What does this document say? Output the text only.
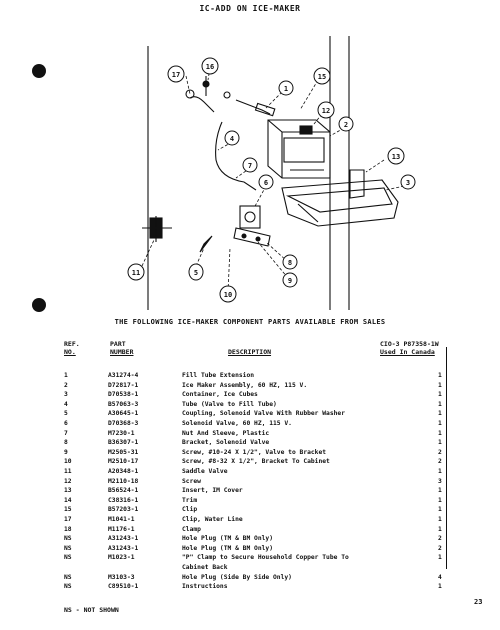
IC-ADD ON ICE-MAKER
1
2
3
4
5
6
7
8
9
10
11
12
13
15
16
17
THE FOLLOWING ICE-MAKER COMPONENT PARTS AVAILABLE FROM SALES
REF.
NO.
PART
NUMBER	DESCRIPTION
CIO-3 P87358-1W
Used In Canada
1	A31274-4	Fill Tube Extension	1
2	D72817-1	Ice Maker Assembly, 60 HZ, 115 V.	1
3	D70538-1	Container, Ice Cubes	1
4	B57063-3	Tube (Valve to Fill Tube)	1
5	A30645-1	Coupling, Solenoid Valve With Rubber Washer	1
6	D70368-3	Solenoid Valve, 60 HZ, 115 V.	1
7	M7230-1	Nut And Sleeve, Plastic	1
8	B36307-1	Bracket, Solenoid Valve	1
9	M2505-31	Screw, #10-24 X 1/2", Valve to Bracket	2
10	M2510-17	Screw, #8-32 X 1/2", Bracket To Cabinet	2
11	A20348-1	Saddle Valve	1
12	M2110-18	Screw	3
13	B56524-1	Insert, IM Cover	1
14	C38316-1	Trim	1
15	B57203-1	Clip	1
17	M1041-1	Clip, Water Line	1
18	M1176-1	Clamp	1
NS	A31243-1	Hole Plug (TM & BM Only)	2
NS	A31243-1	Hole Plug (TM & BM Only)	2
NS	M1023-1	"P" Clamp to Secure Household Copper Tube To	1
Cabinet Back
NS	M3103-3	Hole Plug (Side By Side Only)	4
NS	C89510-1	Instructions	1
NS - NOT SHOWN
23
